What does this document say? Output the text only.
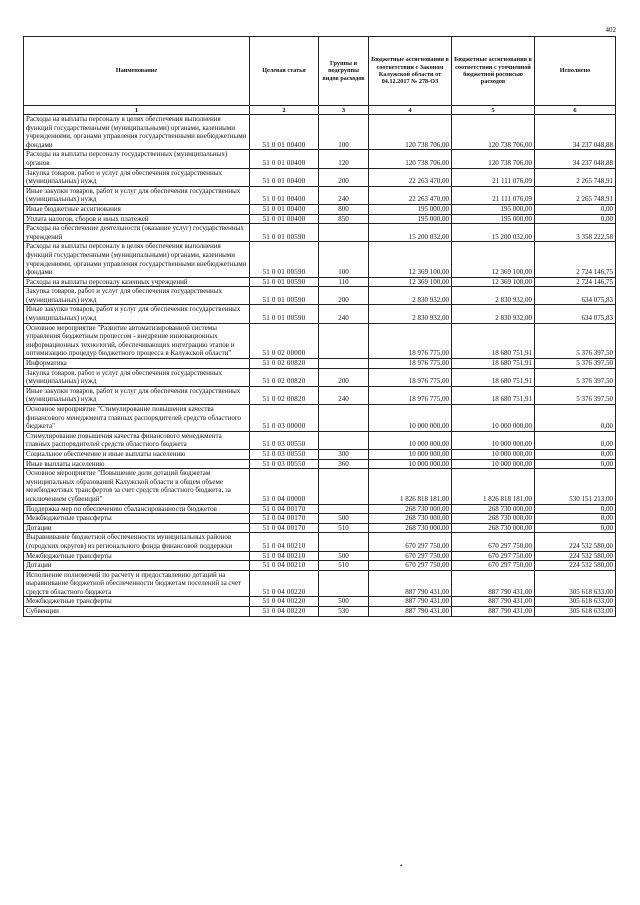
402
Наименование	Целевая статья	Группы и подгруппы видов расходов	Бюджетные ассигнования в соответствии с Законом Калужской области от 04.12.2017 № 278-ОЗ	Бюджетные ассигнования в соответствии с уточненной бюджетной росписью расходов	Исполнено
1	2	3	4	5	6
Расходы на выплаты персоналу в целях обеспечения выполнения функций государственными (муниципальными) органами, казенными учреждениями, органами управления государственными внебюджетными фондами	51 0 01 00400	100	120 738 706,00	120 738 706,00	34 237 048,88
Расходы на выплаты персоналу государственных (муниципальных) органов	51 0 01 00400	120	120 738 706,00	120 738 706,00	34 237 048,88
Закупка товаров, работ и услуг для обеспечения государственных (муниципальных) нужд	51 0 01 00400	200	22 263 470,00	21 111 076,09	2 265 748,91
Иные закупки товаров, работ и услуг для обеспечения государственных (муниципальных) нужд	51 0 01 00400	240	22 263 470,00	21 111 076,09	2 265 748,91
Иные бюджетные ассигнования	51 0 01 00400	800	195 000,00	195 000,00	0,00
Уплата налогов, сборов и иных платежей	51 0 01 00400	850	195 000,00	195 000,00	0,00
Расходы на обеспечение деятельности (оказание услуг) государственных учреждений	51 0 01 00590		15 200 032,00	15 200 032,00	3 358 222,58
Расходы на выплаты персоналу в целях обеспечения выполнения функций государственными (муниципальными) органами, казенными учреждениями, органами управления государственными внебюджетными фондами	51 0 01 00590	100	12 369 100,00	12 369 100,00	2 724 146,75
Расходы на выплаты персоналу казенных учреждений	51 0 01 00590	110	12 369 100,00	12 369 100,00	2 724 146,75
Закупка товаров, работ и услуг для обеспечения государственных (муниципальных) нужд	51 0 01 00590	200	2 830 932,00	2 830 932,00	634 075,83
Иные закупки товаров, работ и услуг для обеспечения государственных (муниципальных) нужд	51 0 01 00590	240	2 830 932,00	2 830 932,00	634 075,83
Основное мероприятие "Развитие автоматизированной системы управления бюджетным процессом - внедрение инновационных информационных технологий, обеспечивающих интеграцию этапов и оптимизацию процедур бюджетного процесса в Калужской области"	51 0 02 00000		18 976 775,00	18 680 751,91	5 376 397,50
Информатика	51 0 02 00820		18 976 775,00	18 680 751,91	5 376 397,50
Закупка товаров, работ и услуг для обеспечения государственных (муниципальных) нужд	51 0 02 00820	200	18 976 775,00	18 680 751,91	5 376 397,50
Иные закупки товаров, работ и услуг для обеспечения государственных (муниципальных) нужд	51 0 02 00820	240	18 976 775,00	18 680 751,91	5 376 397,50
Основное мероприятие "Стимулирование повышения качества финансового менеджмента главных распорядителей средств областного бюджета"	51 0 03 00000		10 000 000,00	10 000 000,00	0,00
Стимулирование повышения качества финансового менеджмента главных распорядителей средств областного бюджета	51 0 03 00550		10 000 000,00	10 000 000,00	0,00
Социальное обеспечение и иные выплаты населению	51 0 03 00550	300	10 000 000,00	10 000 000,00	0,00
Иные выплаты населению	51 0 03 00550	360	10 000 000,00	10 000 000,00	0,00
Основное мероприятие "Повышение доли дотаций бюджетам муниципальных образований Калужской области в общем объеме межбюджетных трансфертов за счет средств областного бюджета, за исключением субвенций"	51 0 04 00000		1 826 818 181,00	1 826 818 181,00	530 151 213,00
Поддержка мер по обеспечению сбалансированности бюджетов	51 0 04 00170		268 730 000,00	268 730 000,00	0,00
Межбюджетные трансферты	51 0 04 00170	500	268 730 000,00	268 730 000,00	0,00
Дотации	51 0 04 00170	510	268 730 000,00	268 730 000,00	0,00
Выравнивание бюджетной обеспеченности муниципальных районов (городских округов) из регионального фонда финансовой поддержки	51 0 04 00210		670 297 750,00	670 297 750,00	224 532 580,00
Межбюджетные трансферты	51 0 04 00210	500	670 297 750,00	670 297 750,00	224 532 580,00
Дотации	51 0 04 00210	510	670 297 750,00	670 297 750,00	224 532 580,00
Исполнение полномочий по расчету и предоставлению дотаций на выравнивание бюджетной обеспеченности бюджетам поселений за счет средств областного бюджета	51 0 04 00220		887 790 431,00	887 790 431,00	305 618 633,00
Межбюджетные трансферты	51 0 04 00220	500	887 790 431,00	887 790 431,00	305 618 633,00
Субвенции	51 0 04 00220	530	887 790 431,00	887 790 431,00	305 618 633,00
•
